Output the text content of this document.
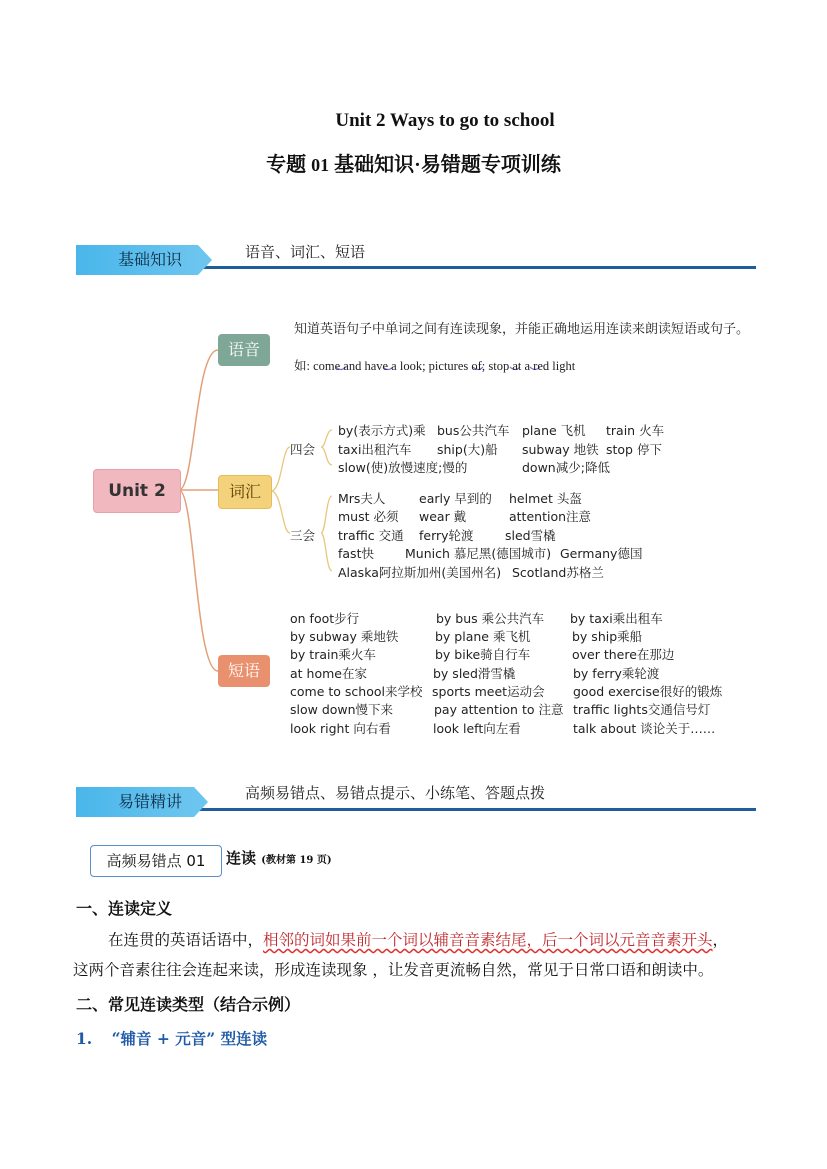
Unit 2 Ways to go to school
专题 01 基础知识·易错题专项训练
基础知识	语音、词汇、短语
Unit 2
语音
词汇
短语
知道英语句子中单词之间有连读现象，并能正确地运用连读来朗读短语或句子。
如: come and have a look; pictures of; stop at a red light
四会
三会
by(表示方式)乘 bus公共汽车 plane 飞机 train 火车
taxi出租汽车 ship(大)船 subway 地铁 stop 停下
slow(使)放慢速度;慢的	down减少;降低
Mrs夫人	early 早到的 helmet 头盔
must 必须 wear 戴	attention注意
traffic 交通 ferry轮渡	sled雪橇
fast快 Munich 慕尼黑(德国城市) Germany德国
Alaska阿拉斯加州(美国州名) Scotland苏格兰
on foot步行	by bus 乘公共汽车 by taxi乘出租车
by subway 乘地铁	by plane 乘飞机	by ship乘船
by train乘火车	by bike骑自行车	over there在那边
at home在家	by sled滑雪橇	by ferry乘轮渡
come to school来学校 sports meet运动会 good exercise很好的锻炼
slow down慢下来	pay attention to 注意 traffic lights交通信号灯
look right 向右看	look left向左看	talk about 谈论关于……
易错精讲	高频易错点、易错点提示、小练笔、答题点拨
高频易错点 01	连读 (教材第 19 页)
一、连读定义
在连贯的英语话语中，相邻的词如果前一个词以辅音音素结尾，后一个词以元音音素开头，
这两个音素往往会连起来读，形成连读现象 ，让发音更流畅自然，常见于日常口语和朗读中。
二、常见连读类型（结合示例）
1. “辅音 + 元音” 型连读
